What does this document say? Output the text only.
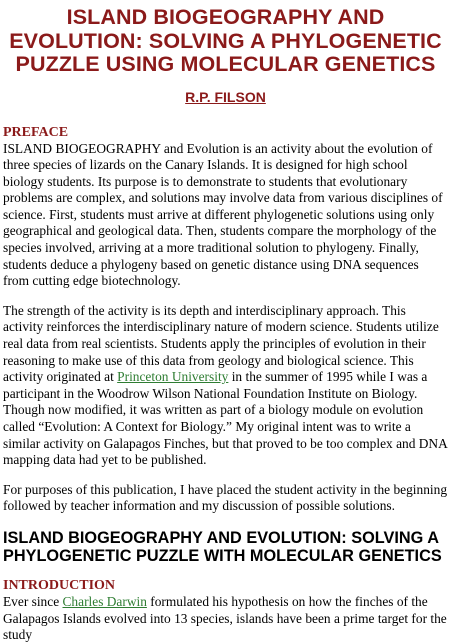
ISLAND BIOGEOGRAPHY AND EVOLUTION: SOLVING A PHYLOGENETIC PUZZLE USING MOLECULAR GENETICS
R.P. FILSON
PREFACE

ISLAND BIOGEOGRAPHY and Evolution is an activity about the evolution of three species of lizards on the Canary Islands. It is designed for high school biology students. Its purpose is to demonstrate to students that evolutionary problems are complex, and solutions may involve data from various disciplines of science. First, students must arrive at different phylogenetic solutions using only geographical and geological data. Then, students compare the morphology of the species involved, arriving at a more traditional solution to phylogeny. Finally, students deduce a phylogeny based on genetic distance using DNA sequences from cutting edge biotechnology.

The strength of the activity is its depth and interdisciplinary approach. This activity reinforces the interdisciplinary nature of modern science. Students utilize real data from real scientists. Students apply the principles of evolution in their reasoning to make use of this data from geology and biological science. This activity originated at Princeton University in the summer of 1995 while I was a participant in the Woodrow Wilson National Foundation Institute on Biology. Though now modified, it was written as part of a biology module on evolution called “Evolution: A Context for Biology.” My original intent was to write a similar activity on Galapagos Finches, but that proved to be too complex and DNA mapping data had yet to be published.

For purposes of this publication, I have placed the student activity in the beginning followed by teacher information and my discussion of possible solutions.

ISLAND BIOGEOGRAPHY AND EVOLUTION: SOLVING A PHYLOGENETIC PUZZLE WITH MOLECULAR GENETICS
INTRODUCTION

Ever since Charles Darwin formulated his hypothesis on how the finches of the Galapagos Islands evolved into 13 species, islands have been a prime target for the study
